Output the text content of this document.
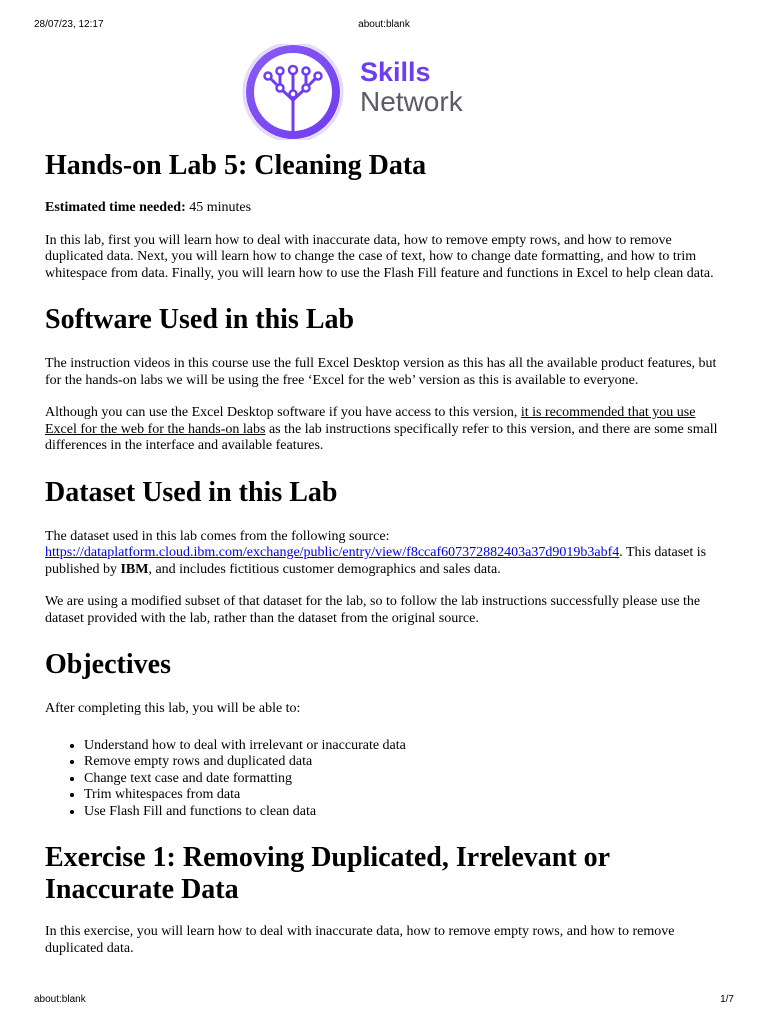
about:blank
28/07/23, 12:17
Skills
Network
Hands-on Lab 5: Cleaning Data

Estimated time needed: 45 minutes

In this lab, first you will learn how to deal with inaccurate data, how to remove empty rows, and how to remove duplicated data. Next, you will learn how to change the case of text, how to change date formatting, and how to trim whitespace from data. Finally, you will learn how to use the Flash Fill feature and functions in Excel to help clean data.

Software Used in this Lab

The instruction videos in this course use the full Excel Desktop version as this has all the available product features, but for the hands-on labs we will be using the free ‘Excel for the web’ version as this is available to everyone.

Although you can use the Excel Desktop software if you have access to this version, it is recommended that you use Excel for the web for the hands-on labs as the lab instructions specifically refer to this version, and there are some small differences in the interface and available features.

Dataset Used in this Lab

The dataset used in this lab comes from the following source: https://dataplatform.cloud.ibm.com/exchange/public/entry/view/f8ccaf607372882403a37d9019b3abf4. This dataset is published by IBM, and includes fictitious customer demographics and sales data.

We are using a modified subset of that dataset for the lab, so to follow the lab instructions successfully please use the dataset provided with the lab, rather than the dataset from the original source.

Objectives

After completing this lab, you will be able to:

• Understand how to deal with irrelevant or inaccurate data
• Remove empty rows and duplicated data
• Change text case and date formatting
• Trim whitespaces from data
• Use Flash Fill and functions to clean data
Exercise 1: Removing Duplicated, Irrelevant or Inaccurate Data

In this exercise, you will learn how to deal with inaccurate data, how to remove empty rows, and how to remove duplicated data.

about:blank	1/7
